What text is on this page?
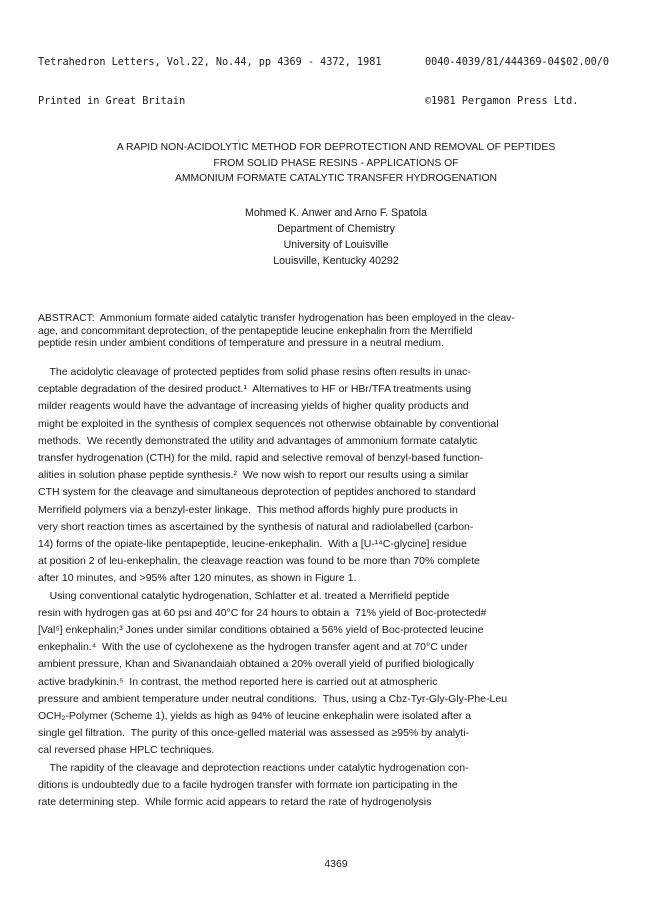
Tetrahedron Letters, Vol.22, No.44, pp 4369 - 4372, 1981

Printed in Great Britain

0040-4039/81/444369-04$02.00/0

©1981 Pergamon Press Ltd.

A RAPID NON-ACIDOLYTIC METHOD FOR DEPROTECTION AND REMOVAL OF PEPTIDES
FROM SOLID PHASE RESINS - APPLICATIONS OF
AMMONIUM FORMATE CATALYTIC TRANSFER HYDROGENATION
Mohmed K. Anwer and Arno F. Spatola
Department of Chemistry
University of Louisville
Louisville, Kentucky 40292
ABSTRACT:  Ammonium formate aided catalytic transfer hydrogenation has been employed in the cleav-
age, and concommitant deprotection, of the pentapeptide leucine enkephalin from the Merrifield
peptide resin under ambient conditions of temperature and pressure in a neutral medium.
The acidolytic cleavage of protected peptides from solid phase resins often results in unac-
ceptable degradation of the desired product.¹  Alternatives to HF or HBr/TFA treatments using
milder reagents would have the advantage of increasing yields of higher quality products and
might be exploited in the synthesis of complex sequences not otherwise obtainable by conventional
methods.  We recently demonstrated the utility and advantages of ammonium formate catalytic
transfer hydrogenation (CTH) for the mild, rapid and selective removal of benzyl-based function-
alities in solution phase peptide synthesis.²  We now wish to report our results using a similar
CTH system for the cleavage and simultaneous deprotection of peptides anchored to standard
Merrifield polymers via a benzyl-ester linkage.  This method affords highly pure products in
very short reaction times as ascertained by the synthesis of natural and radiolabelled (carbon-
14) forms of the opiate-like pentapeptide, leucine-enkephalin.  With a [U-¹⁴C-glycine] residue
at position 2 of leu-enkephalin, the cleavage reaction was found to be more than 70% complete
after 10 minutes, and >95% after 120 minutes, as shown in Figure 1.
Using conventional catalytic hydrogenation, Schlatter et al. treated a Merrifield peptide
resin with hydrogen gas at 60 psi and 40°C for 24 hours to obtain a  71% yield of Boc-protected#
[Val⁵] enkephalin;³ Jones under similar conditions obtained a 56% yield of Boc-protected leucine
enkephalin.⁴  With the use of cyclohexene as the hydrogen transfer agent and at 70°C under
ambient pressure, Khan and Sivanandaiah obtained a 20% overall yield of purified biologically
active bradykinin.⁵  In contrast, the method reported here is carried out at atmospheric
pressure and ambient temperature under neutral conditions.  Thus, using a Cbz-Tyr-Gly-Gly-Phe-Leu
OCH₂-Polymer (Scheme 1), yields as high as 94% of leucine enkephalin were isolated after a
single gel filtration.  The purity of this once-gelled material was assessed as ≥95% by analyti-
cal reversed phase HPLC techniques.
The rapidity of the cleavage and deprotection reactions under catalytic hydrogenation con-
ditions is undoubtedly due to a facile hydrogen transfer with formate ion participating in the
rate determining step.  While formic acid appears to retard the rate of hydrogenolysis
4369
